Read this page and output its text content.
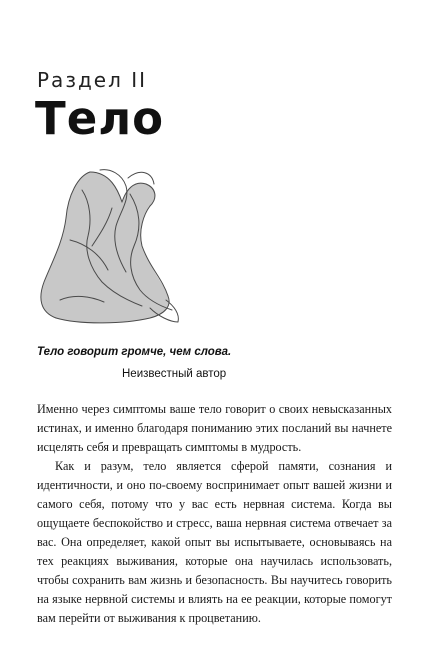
Раздел II
Тело
Тело говорит громче, чем слова.
Неизвестный автор

Именно через симптомы ваше тело говорит о своих невысказанных истинах, и именно благодаря пониманию этих посланий вы начнете исцелять себя и превращать симптомы в мудрость.

Как и разум, тело является сферой памяти, сознания и идентичности, и оно по-своему воспринимает опыт вашей жизни и самого себя, потому что у вас есть нервная система. Когда вы ощущаете беспокойство и стресс, ваша нервная система отвечает за вас. Она определяет, какой опыт вы испытываете, основываясь на тех реакциях выживания, которые она научилась использовать, чтобы сохранить вам жизнь и безопасность. Вы научитесь говорить на языке нервной системы и влиять на ее реакции, которые помогут вам перейти от выживания к процветанию.
